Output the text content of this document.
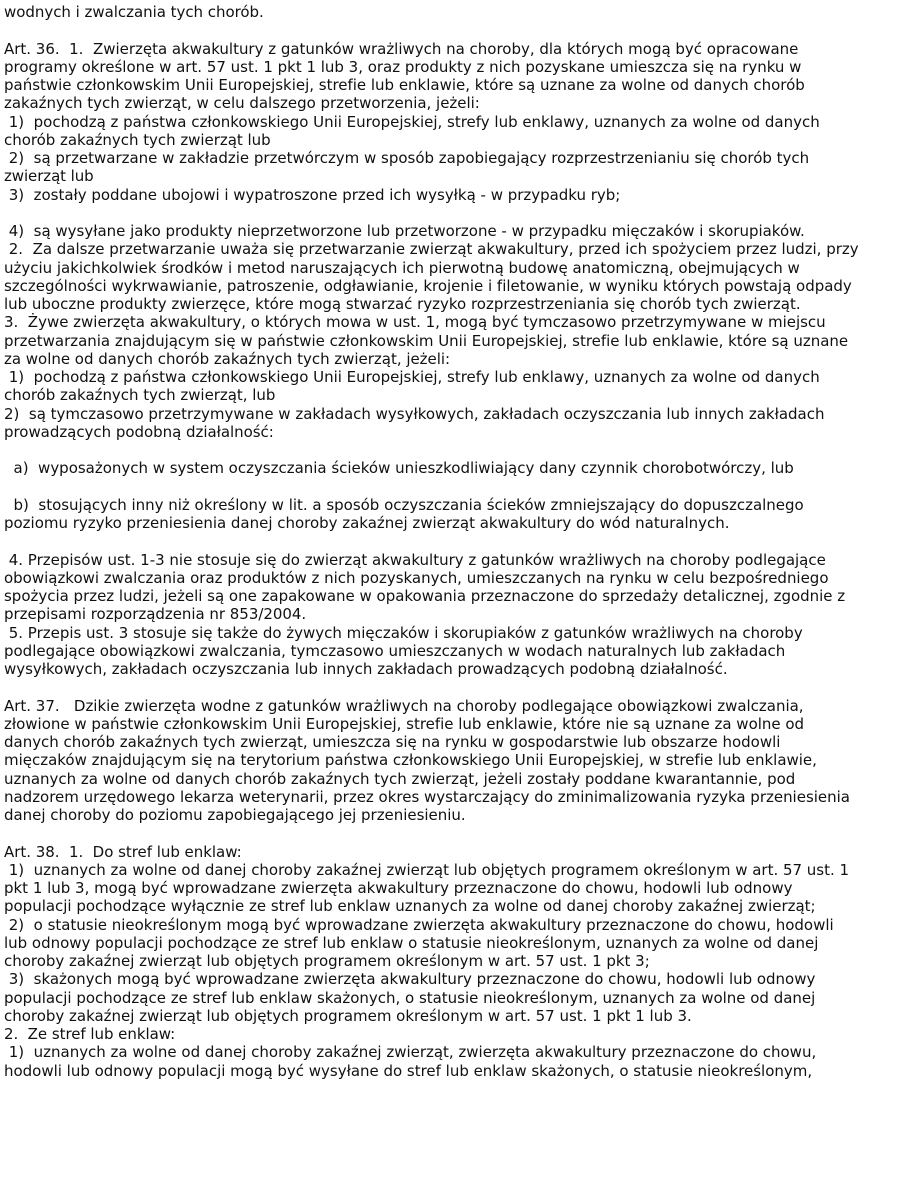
wodnych i zwalczania tych chorób.
Art. 36.  1.  Zwierzęta akwakultury z gatunków wrażliwych na choroby, dla których mogą być opracowane
programy określone w art. 57 ust. 1 pkt 1 lub 3, oraz produkty z nich pozyskane umieszcza się na rynku w
państwie członkowskim Unii Europejskiej, strefie lub enklawie, które są uznane za wolne od danych chorób
zakaźnych tych zwierząt, w celu dalszego przetworzenia, jeżeli:
1)  pochodzą z państwa członkowskiego Unii Europejskiej, strefy lub enklawy, uznanych za wolne od danych
chorób zakaźnych tych zwierząt lub
2)  są przetwarzane w zakładzie przetwórczym w sposób zapobiegający rozprzestrzenianiu się chorób tych
zwierząt lub
3)  zostały poddane ubojowi i wypatroszone przed ich wysyłką - w przypadku ryb;
4)  są wysyłane jako produkty nieprzetworzone lub przetworzone - w przypadku mięczaków i skorupiaków.
2.  Za dalsze przetwarzanie uważa się przetwarzanie zwierząt akwakultury, przed ich spożyciem przez ludzi, przy
użyciu jakichkolwiek środków i metod naruszających ich pierwotną budowę anatomiczną, obejmujących w
szczególności wykrwawianie, patroszenie, odgławianie, krojenie i filetowanie, w wyniku których powstają odpady
lub uboczne produkty zwierzęce, które mogą stwarzać ryzyko rozprzestrzeniania się chorób tych zwierząt.
3.  Żywe zwierzęta akwakultury, o których mowa w ust. 1, mogą być tymczasowo przetrzymywane w miejscu
przetwarzania znajdującym się w państwie członkowskim Unii Europejskiej, strefie lub enklawie, które są uznane
za wolne od danych chorób zakaźnych tych zwierząt, jeżeli:
1)  pochodzą z państwa członkowskiego Unii Europejskiej, strefy lub enklawy, uznanych za wolne od danych
chorób zakaźnych tych zwierząt, lub
2)  są tymczasowo przetrzymywane w zakładach wysyłkowych, zakładach oczyszczania lub innych zakładach
prowadzących podobną działalność:
a)  wyposażonych w system oczyszczania ścieków unieszkodliwiający dany czynnik chorobotwórczy, lub
b)  stosujących inny niż określony w lit. a sposób oczyszczania ścieków zmniejszający do dopuszczalnego
poziomu ryzyko przeniesienia danej choroby zakaźnej zwierząt akwakultury do wód naturalnych.
4. Przepisów ust. 1-3 nie stosuje się do zwierząt akwakultury z gatunków wrażliwych na choroby podlegające
obowiązkowi zwalczania oraz produktów z nich pozyskanych, umieszczanych na rynku w celu bezpośredniego
spożycia przez ludzi, jeżeli są one zapakowane w opakowania przeznaczone do sprzedaży detalicznej, zgodnie z
przepisami rozporządzenia nr 853/2004.
5. Przepis ust. 3 stosuje się także do żywych mięczaków i skorupiaków z gatunków wrażliwych na choroby
podlegające obowiązkowi zwalczania, tymczasowo umieszczanych w wodach naturalnych lub zakładach
wysyłkowych, zakładach oczyszczania lub innych zakładach prowadzących podobną działalność.
Art. 37.   Dzikie zwierzęta wodne z gatunków wrażliwych na choroby podlegające obowiązkowi zwalczania,
złowione w państwie członkowskim Unii Europejskiej, strefie lub enklawie, które nie są uznane za wolne od
danych chorób zakaźnych tych zwierząt, umieszcza się na rynku w gospodarstwie lub obszarze hodowli
mięczaków znajdującym się na terytorium państwa członkowskiego Unii Europejskiej, w strefie lub enklawie,
uznanych za wolne od danych chorób zakaźnych tych zwierząt, jeżeli zostały poddane kwarantannie, pod
nadzorem urzędowego lekarza weterynarii, przez okres wystarczający do zminimalizowania ryzyka przeniesienia
danej choroby do poziomu zapobiegającego jej przeniesieniu.
Art. 38.  1.  Do stref lub enklaw:
1)  uznanych za wolne od danej choroby zakaźnej zwierząt lub objętych programem określonym w art. 57 ust. 1
pkt 1 lub 3, mogą być wprowadzane zwierzęta akwakultury przeznaczone do chowu, hodowli lub odnowy
populacji pochodzące wyłącznie ze stref lub enklaw uznanych za wolne od danej choroby zakaźnej zwierząt;
2)  o statusie nieokreślonym mogą być wprowadzane zwierzęta akwakultury przeznaczone do chowu, hodowli
lub odnowy populacji pochodzące ze stref lub enklaw o statusie nieokreślonym, uznanych za wolne od danej
choroby zakaźnej zwierząt lub objętych programem określonym w art. 57 ust. 1 pkt 3;
3)  skażonych mogą być wprowadzane zwierzęta akwakultury przeznaczone do chowu, hodowli lub odnowy
populacji pochodzące ze stref lub enklaw skażonych, o statusie nieokreślonym, uznanych za wolne od danej
choroby zakaźnej zwierząt lub objętych programem określonym w art. 57 ust. 1 pkt 1 lub 3.
2.  Ze stref lub enklaw:
1)  uznanych za wolne od danej choroby zakaźnej zwierząt, zwierzęta akwakultury przeznaczone do chowu,
hodowli lub odnowy populacji mogą być wysyłane do stref lub enklaw skażonych, o statusie nieokreślonym,
